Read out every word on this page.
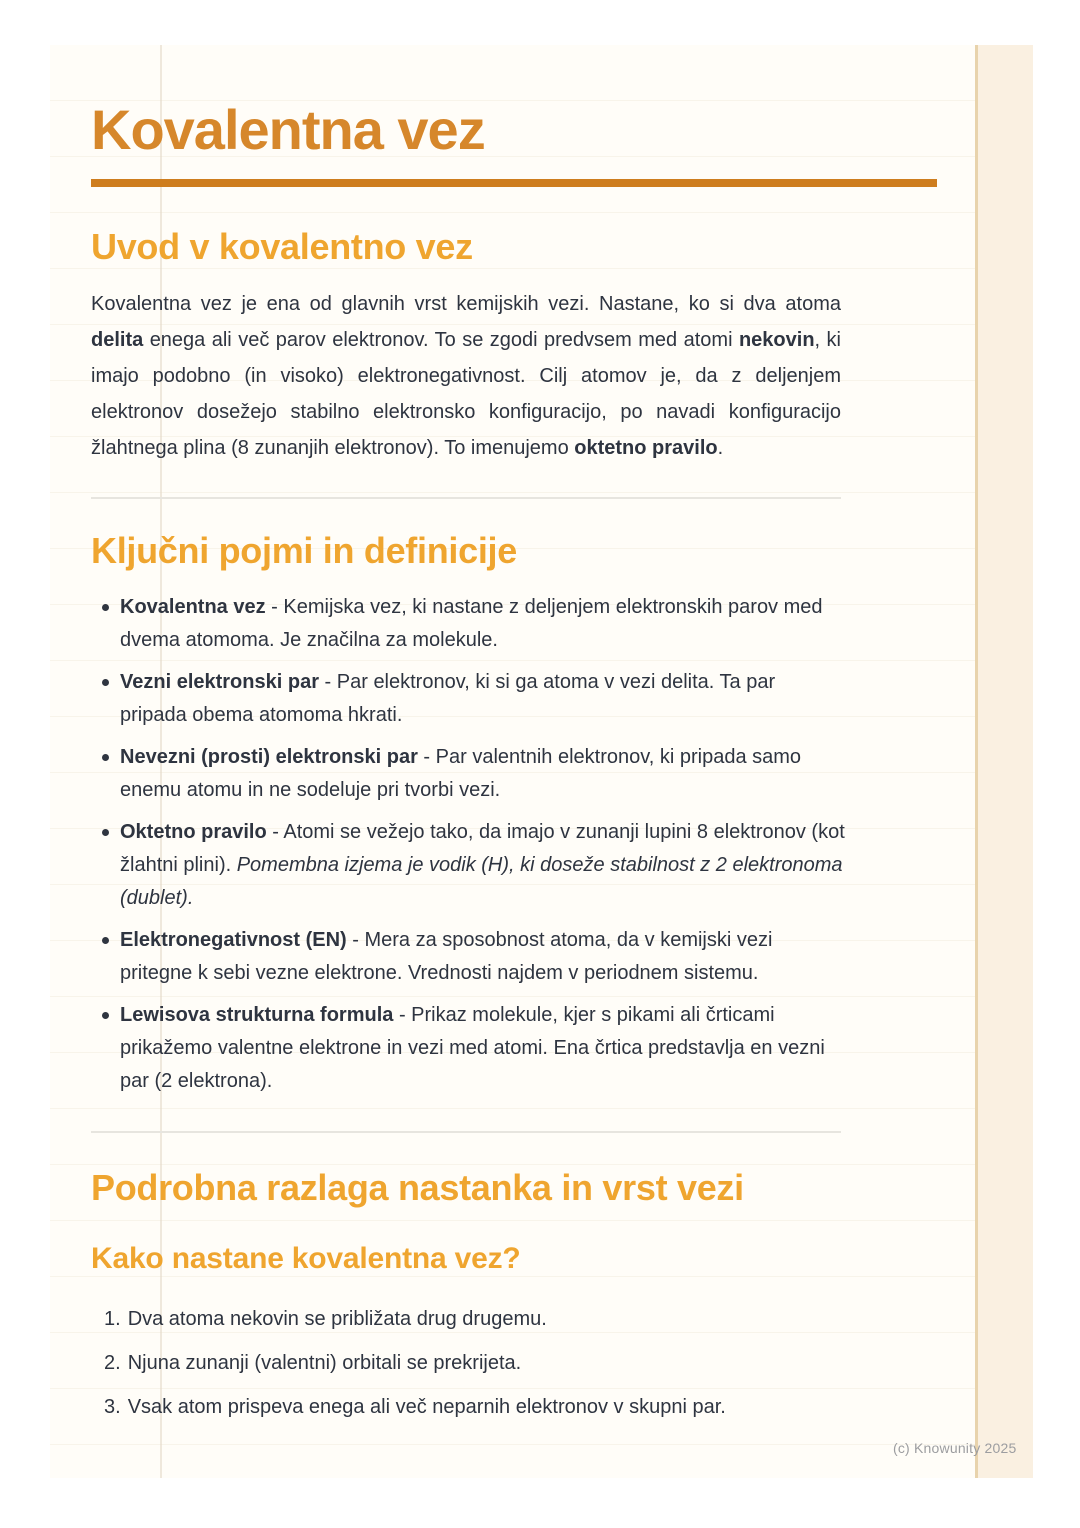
Kovalentna vez
Uvod v kovalentno vez

Kovalentna vez je ena od glavnih vrst kemijskih vezi. Nastane, ko si dva atoma delita enega ali več parov elektronov. To se zgodi predvsem med atomi nekovin, ki imajo podobno (in visoko) elektronegativnost. Cilj atomov je, da z deljenjem elektronov dosežejo stabilno elektronsko konfiguracijo, po navadi konfiguracijo žlahtnega plina (8 zunanjih elektronov). To imenujemo oktetno pravilo.

Ključni pojmi in definicije
Kovalentna vez - Kemijska vez, ki nastane z deljenjem elektronskih parov med dvema atomoma. Je značilna za molekule.
Vezni elektronski par - Par elektronov, ki si ga atoma v vezi delita. Ta par pripada obema atomoma hkrati.
Nevezni (prosti) elektronski par - Par valentnih elektronov, ki pripada samo enemu atomu in ne sodeluje pri tvorbi vezi.
Oktetno pravilo - Atomi se vežejo tako, da imajo v zunanji lupini 8 elektronov (kot žlahtni plini). Pomembna izjema je vodik (H), ki doseže stabilnost z 2 elektronoma (dublet).
Elektronegativnost (EN) - Mera za sposobnost atoma, da v kemijski vezi pritegne k sebi vezne elektrone. Vrednosti najdem v periodnem sistemu.
Lewisova strukturna formula - Prikaz molekule, kjer s pikami ali črticami prikažemo valentne elektrone in vezi med atomi. Ena črtica predstavlja en vezni par (2 elektrona).
Podrobna razlaga nastanka in vrst vezi
Kako nastane kovalentna vez?
1. Dva atoma nekovin se približata drug drugemu.
2. Njuna zunanji (valentni) orbitali se prekrijeta.
3. Vsak atom prispeva enega ali več neparnih elektronov v skupni par.
(c) Knowunity 2025
